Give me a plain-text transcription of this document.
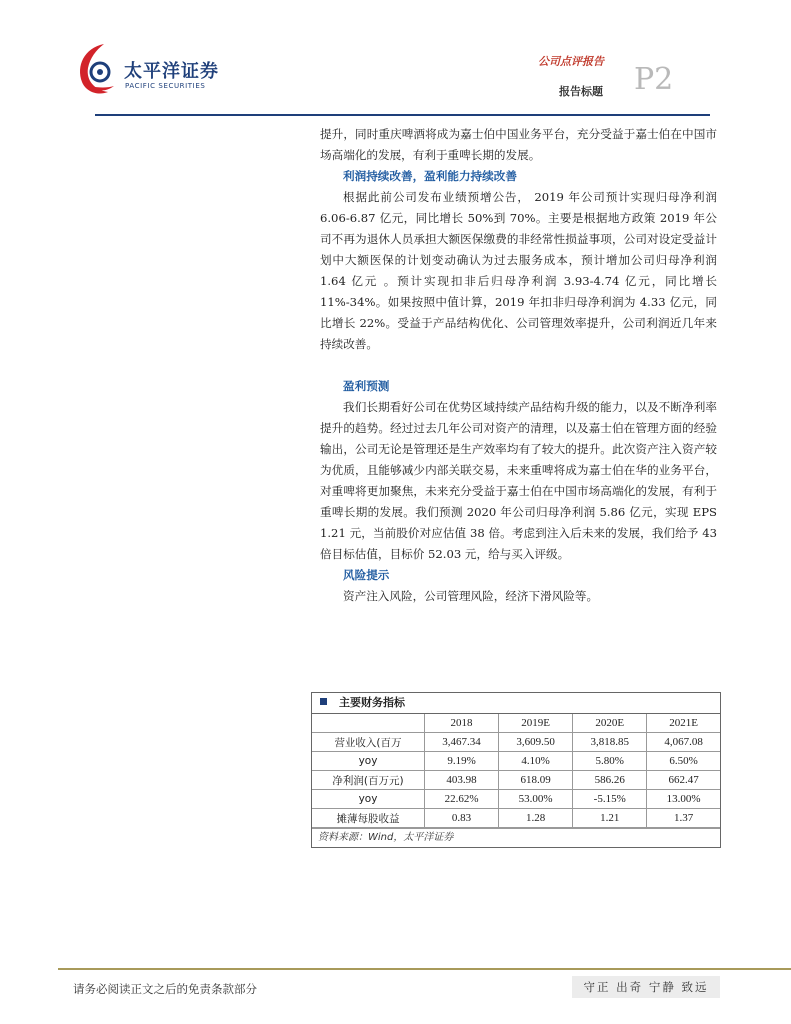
太平洋证券
PACIFIC SECURITIES
公司点评报告
报告标题 P2

提升，同时重庆啤酒将成为嘉士伯中国业务平台，充分受益于嘉士伯在中国市场高端化的发展，有利于重啤长期的发展。

利润持续改善，盈利能力持续改善

根据此前公司发布业绩预增公告， 2019 年公司预计实现归母净利润 6.06-6.87 亿元，同比增长 50%到 70%。主要是根据地方政策 2019 年公司不再为退休人员承担大额医保缴费的非经常性损益事项，公司对设定受益计划中大额医保的计划变动确认为过去服务成本，预计增加公司归母净利润 1.64 亿元 。预计实现扣非后归母净利润 3.93-4.74 亿元，同比增长 11%-34%。如果按照中值计算，2019 年扣非归母净利润为 4.33 亿元，同比增长 22%。受益于产品结构优化、公司管理效率提升，公司利润近几年来持续改善。

盈利预测

我们长期看好公司在优势区域持续产品结构升级的能力，以及不断净利率提升的趋势。经过过去几年公司对资产的清理，以及嘉士伯在管理方面的经验输出，公司无论是管理还是生产效率均有了较大的提升。此次资产注入资产较为优质，且能够减少内部关联交易，未来重啤将成为嘉士伯在华的业务平台，对重啤将更加聚焦，未来充分受益于嘉士伯在中国市场高端化的发展，有利于重啤长期的发展。我们预测 2020 年公司归母净利润 5.86 亿元，实现 EPS 1.21 元，当前股价对应估值 38 倍。考虑到注入后未来的发展，我们给予 43 倍目标估值，目标价 52.03 元，给与买入评级。

风险提示

资产注入风险，公司管理风险，经济下滑风险等。

主要财务指标
	2018	2019E	2020E	2021E
营业收入(百万	3,467.34	3,609.50	3,818.85	4,067.08
yoy	9.19%	4.10%	5.80%	6.50%
净利润(百万元)	403.98	618.09	586.26	662.47
yoy	22.62%	53.00%	-5.15%	13.00%
摊薄每股收益	0.83	1.28	1.21	1.37
资料来源：Wind，太平洋证券
请务必阅读正文之后的免责条款部分	守正 出奇 宁静 致远
